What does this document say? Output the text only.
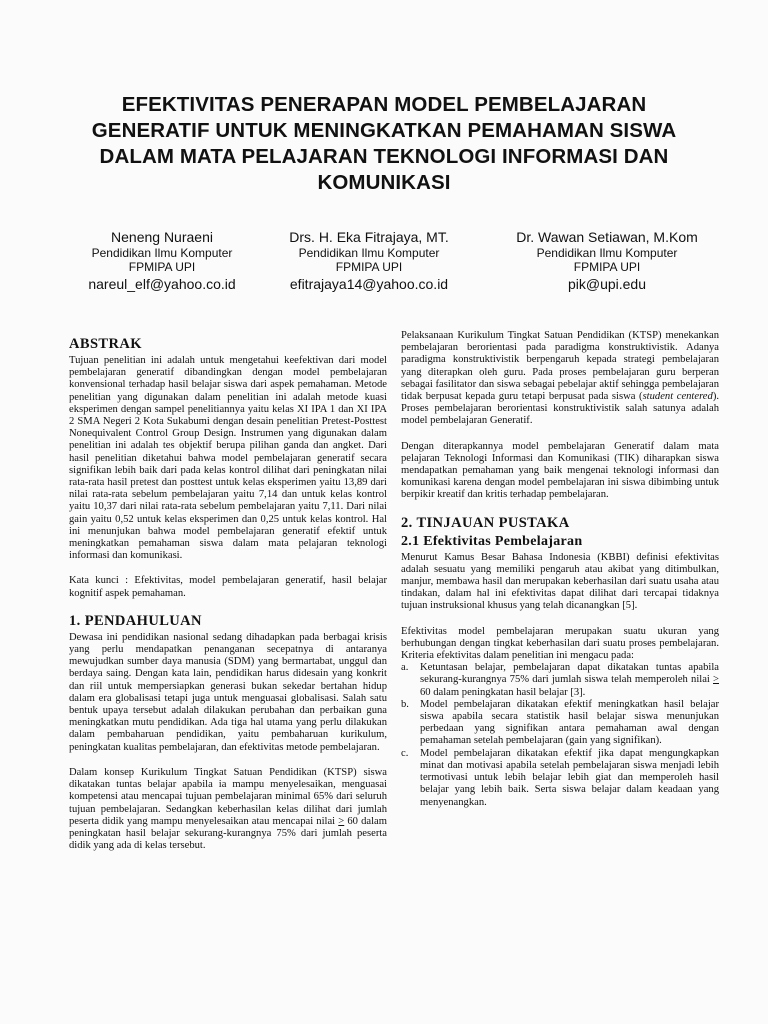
EFEKTIVITAS PENERAPAN MODEL PEMBELAJARAN GENERATIF UNTUK MENINGKATKAN PEMAHAMAN SISWA DALAM MATA PELAJARAN TEKNOLOGI INFORMASI DAN KOMUNIKASI
Neneng Nuraeni
Pendidikan Ilmu Komputer
FPMIPA UPI
nareul_elf@yahoo.co.id
Drs. H. Eka Fitrajaya, MT.
Pendidikan Ilmu Komputer
FPMIPA UPI
efitrajaya14@yahoo.co.id
Dr. Wawan Setiawan, M.Kom
Pendidikan Ilmu Komputer
FPMIPA UPI
pik@upi.edu
ABSTRAK

Tujuan penelitian ini adalah untuk mengetahui keefektivan dari model pembelajaran generatif dibandingkan dengan model pembelajaran konvensional terhadap hasil belajar siswa dari aspek pemahaman. Metode penelitian yang digunakan dalam penelitian ini adalah metode kuasi eksperimen dengan sampel penelitiannya yaitu kelas XI IPA 1 dan XI IPA 2 SMA Negeri 2 Kota Sukabumi dengan desain penelitian Pretest-Posttest Nonequivalent Control Group Design. Instrumen yang digunakan dalam penelitian ini adalah tes objektif berupa pilihan ganda dan angket. Dari hasil penelitian diketahui bahwa model pembelajaran generatif secara signifikan lebih baik dari pada kelas kontrol dilihat dari peningkatan nilai rata-rata hasil pretest dan posttest untuk kelas eksperimen yaitu 13,89 dari nilai rata-rata sebelum pembelajaran yaitu 7,14 dan untuk kelas kontrol yaitu 10,37 dari nilai rata-rata sebelum pembelajaran yaitu 7,11. Dari nilai gain yaitu 0,52 untuk kelas eksperimen dan 0,25 untuk kelas kontrol. Hal ini menunjukan bahwa model pembelajaran generatif efektif untuk meningkatkan pemahaman siswa dalam mata pelajaran teknologi informasi dan komunikasi.

Kata kunci : Efektivitas, model pembelajaran generatif, hasil belajar kognitif aspek pemahaman.

1. PENDAHULUAN

Dewasa ini pendidikan nasional sedang dihadapkan pada berbagai krisis yang perlu mendapatkan penanganan secepatnya di antaranya mewujudkan sumber daya manusia (SDM) yang bermartabat, unggul dan berdaya saing. Dengan kata lain, pendidikan harus didesain yang konkrit dan riil untuk mempersiapkan generasi bukan sekedar bertahan hidup dalam era globalisasi tetapi juga untuk menguasai globalisasi. Salah satu bentuk upaya tersebut adalah dilakukan perubahan dan perbaikan guna meningkatkan mutu pendidikan. Ada tiga hal utama yang perlu dilakukan dalam pembaharuan pendidikan, yaitu pembaharuan kurikulum, peningkatan kualitas pembelajaran, dan efektivitas metode pembelajaran.

Dalam konsep Kurikulum Tingkat Satuan Pendidikan (KTSP) siswa dikatakan tuntas belajar apabila ia mampu menyelesaikan, menguasai kompetensi atau mencapai tujuan pembelajaran minimal 65% dari seluruh tujuan pembelajaran. Sedangkan keberhasilan kelas dilihat dari jumlah peserta didik yang mampu menyelesaikan atau mencapai nilai > 60 dalam peningkatan hasil belajar sekurang-kurangnya 75% dari jumlah peserta didik yang ada di kelas tersebut.

Pelaksanaan Kurikulum Tingkat Satuan Pendidikan (KTSP) menekankan pembelajaran berorientasi pada paradigma konstruktivistik. Adanya paradigma konstruktivistik berpengaruh kepada strategi pembelajaran yang diterapkan oleh guru. Pada proses pembelajaran guru berperan sebagai fasilitator dan siswa sebagai pebelajar aktif sehingga pembelajaran tidak berpusat kepada guru tetapi berpusat pada siswa (student centered). Proses pembelajaran berorientasi konstruktivistik salah satunya adalah model pembelajaran Generatif.

Dengan diterapkannya model pembelajaran Generatif dalam mata pelajaran Teknologi Informasi dan Komunikasi (TIK) diharapkan siswa mendapatkan pemahaman yang baik mengenai teknologi informasi dan komunikasi karena dengan model pembelajaran ini siswa dibimbing untuk berpikir kreatif dan kritis terhadap pembelajaran.

2. TINJAUAN PUSTAKA
2.1 Efektivitas Pembelajaran

Menurut Kamus Besar Bahasa Indonesia (KBBI) definisi efektivitas adalah sesuatu yang memiliki pengaruh atau akibat yang ditimbulkan, manjur, membawa hasil dan merupakan keberhasilan dari suatu usaha atau tindakan, dalam hal ini efektivitas dapat dilihat dari tercapai tidaknya tujuan instruksional khusus yang telah dicanangkan [5].

Efektivitas model pembelajaran merupakan suatu ukuran yang berhubungan dengan tingkat keberhasilan dari suatu proses pembelajaran. Kriteria efektivitas dalam penelitian ini mengacu pada:

a. Ketuntasan belajar, pembelajaran dapat dikatakan tuntas apabila sekurang-kurangnya 75% dari jumlah siswa telah memperoleh nilai > 60 dalam peningkatan hasil belajar [3].
b. Model pembelajaran dikatakan efektif meningkatkan hasil belajar siswa apabila secara statistik hasil belajar siswa menunjukan perbedaan yang signifikan antara pemahaman awal dengan pemahaman setelah pembelajaran (gain yang signifikan).
c. Model pembelajaran dikatakan efektif jika dapat mengungkapkan minat dan motivasi apabila setelah pembelajaran siswa menjadi lebih termotivasi untuk lebih belajar lebih giat dan memperoleh hasil belajar yang lebih baik. Serta siswa belajar dalam keadaan yang menyenangkan.
